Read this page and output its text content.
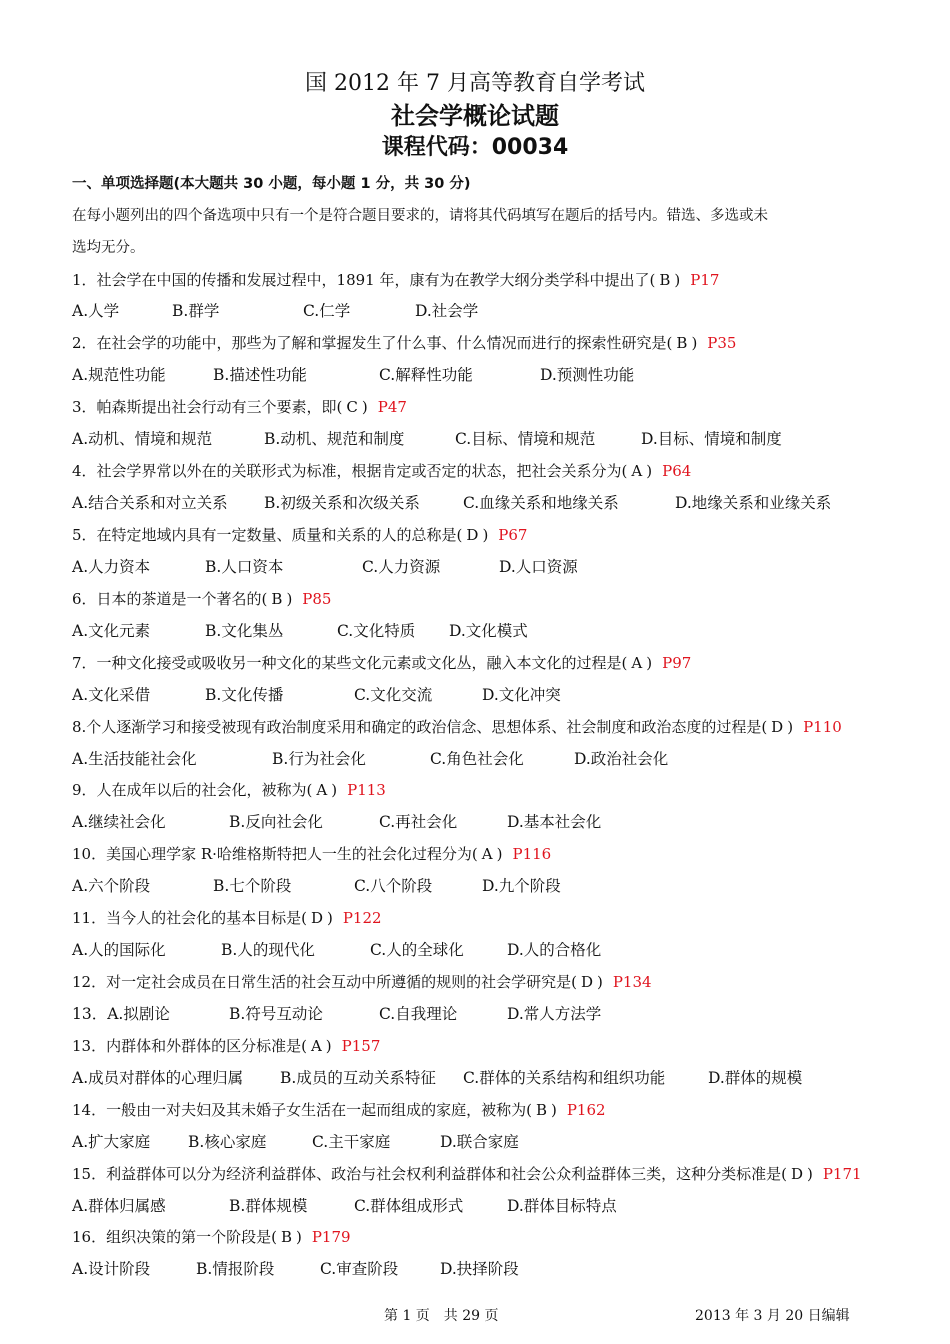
国 2012 年 7 月高等教育自学考试
社会学概论试题
课程代码：00034
一、单项选择题(本大题共 30 小题，每小题 1 分，共 30 分)
在每小题列出的四个备选项中只有一个是符合题目要求的，请将其代码填写在题后的括号内。错选、多选或未
选均无分。
1．社会学在中国的传播和发展过程中，1891 年，康有为在教学大纲分类学科中提出了( B ) P17
A.人学	B.群学	C.仁学	D.社会学
2．在社会学的功能中，那些为了解和掌握发生了什么事、什么情况而进行的探索性研究是( B ) P35
A.规范性功能	B.描述性功能	C.解释性功能	D.预测性功能
3．帕森斯提出社会行动有三个要素，即( C ) P47
A.动机、情境和规范	B.动机、规范和制度	C.目标、情境和规范	D.目标、情境和制度
4．社会学界常以外在的关联形式为标准，根据肯定或否定的状态，把社会关系分为( A ) P64
A.结合关系和对立关系 B.初级关系和次级关系	C.血缘关系和地缘关系	D.地缘关系和业缘关系
5．在特定地域内具有一定数量、质量和关系的人的总称是( D ) P67
A.人力资本	B.人口资本	C.人力资源	D.人口资源
6．日本的茶道是一个著名的( B ) P85
A.文化元素	B.文化集丛	C.文化特质 D.文化模式
7．一种文化接受或吸收另一种文化的某些文化元素或文化丛，融入本文化的过程是( A ) P97
A.文化采借	B.文化传播	C.文化交流	D.文化冲突
8.个人逐渐学习和接受被现有政治制度采用和确定的政治信念、思想体系、社会制度和政治态度的过程是( D ) P110
A.生活技能社会化	B.行为社会化	C.角色社会化	D.政治社会化
9．人在成年以后的社会化，被称为( A ) P113
A.继续社会化	B.反向社会化	C.再社会化	D.基本社会化
10．美国心理学家 R·哈维格斯特把人一生的社会化过程分为( A ) P116
A.六个阶段	B.七个阶段	C.八个阶段	D.九个阶段
11．当今人的社会化的基本目标是( D ) P122
A.人的国际化	B.人的现代化	C.人的全球化	D.人的合格化
12．对一定社会成员在日常生活的社会互动中所遵循的规则的社会学研究是( D ) P134
13．A.拟剧论	B.符号互动论	C.自我理论	D.常人方法学
13．内群体和外群体的区分标准是( A ) P157
A.成员对群体的心理归属 B.成员的互动关系特征 C.群体的关系结构和组织功能	D.群体的规模
14．一般由一对夫妇及其未婚子女生活在一起而组成的家庭，被称为( B ) P162
A.扩大家庭 B.核心家庭	C.主干家庭	D.联合家庭
15．利益群体可以分为经济利益群体、政治与社会权利利益群体和社会公众利益群体三类，这种分类标准是( D ) P171
A.群体归属感	B.群体规模	C.群体组成形式	D.群体目标特点
16．组织决策的第一个阶段是( B ) P179
A.设计阶段	B.情报阶段	C.审查阶段	D.抉择阶段
第 1 页　共 29 页	2013 年 3 月 20 日编辑
